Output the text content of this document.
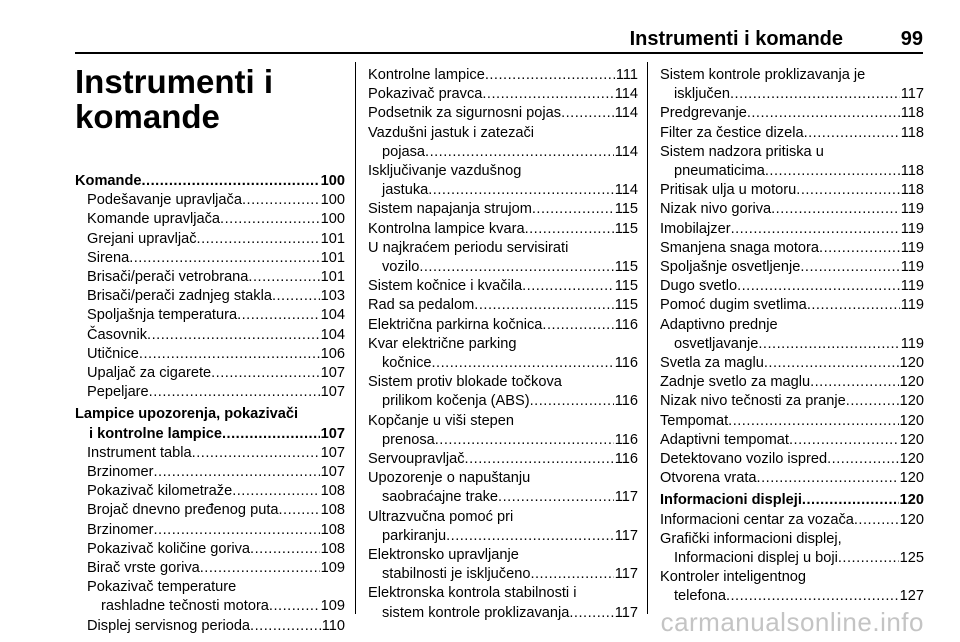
Instrumenti i komande	99
Instrumenti i komande
Komande .....	100
Podešavanje upravljača .....	100
Komande upravljača .....	100
Grejani upravljač .....	101
Sirena .....	101
Brisači/perači vetrobrana .....	101
Brisači/perači zadnjeg stakla .....	103
Spoljašnja temperatura .....	104
Časovnik .....	104
Utičnice .....	106
Upaljač za cigarete .....	107
Pepeljare .....	107
Lampice upozorenja, pokazivači
i kontrolne lampice .....	107
Instrument tabla .....	107
Brzinomer .....	107
Pokazivač kilometraže .....	108
Brojač dnevno pređenog puta .....	108
Brzinomer .....	108
Pokazivač količine goriva .....	108
Birač vrste goriva .....	109
Pokazivač temperature
rashladne tečnosti motora .....	109
Displej servisnog perioda .....	110
Kontrolne lampice .....	111
Pokazivač pravca .....	114
Podsetnik za sigurnosni pojas .....	114
Vazdušni jastuk i zatezači
pojasa .....	114
Isključivanje vazdušnog
jastuka .....	114
Sistem napajanja strujom .....	115
Kontrolna lampice kvara .....	115
U najkraćem periodu servisirati
vozilo .....	115
Sistem kočnice i kvačila .....	115
Rad sa pedalom .....	115
Električna parkirna kočnica .....	116
Kvar električne parking
kočnice .....	116
Sistem protiv blokade točkova
prilikom kočenja (ABS) .....	116
Kopčanje u viši stepen
prenosa .....	116
Servoupravljač .....	116
Upozorenje o napuštanju
saobraćajne trake .....	117
Ultrazvučna pomoć pri
parkiranju .....	117
Elektronsko upravljanje
stabilnosti je isključeno .....	117
Elektronska kontrola stabilnosti i
sistem kontrole proklizavanja .....	117
Sistem kontrole proklizavanja je
isključen .....	117
Predgrevanje .....	118
Filter za čestice dizela .....	118
Sistem nadzora pritiska u
pneumaticima .....	118
Pritisak ulja u motoru .....	118
Nizak nivo goriva .....	119
Imobilajzer .....	119
Smanjena snaga motora .....	119
Spoljašnje osvetljenje .....	119
Dugo svetlo .....	119
Pomoć dugim svetlima .....	119
Adaptivno prednje
osvetljavanje .....	119
Svetla za maglu .....	120
Zadnje svetlo za maglu .....	120
Nizak nivo tečnosti za pranje .....	120
Tempomat .....	120
Adaptivni tempomat .....	120
Detektovano vozilo ispred .....	120
Otvorena vrata .....	120
Informacioni displeji .....	120
Informacioni centar za vozača .....	120
Grafički informacioni displej,
Informacioni displej u boji .....	125
Kontroler inteligentnog
telefona .....	127
carmanualsonline.info
